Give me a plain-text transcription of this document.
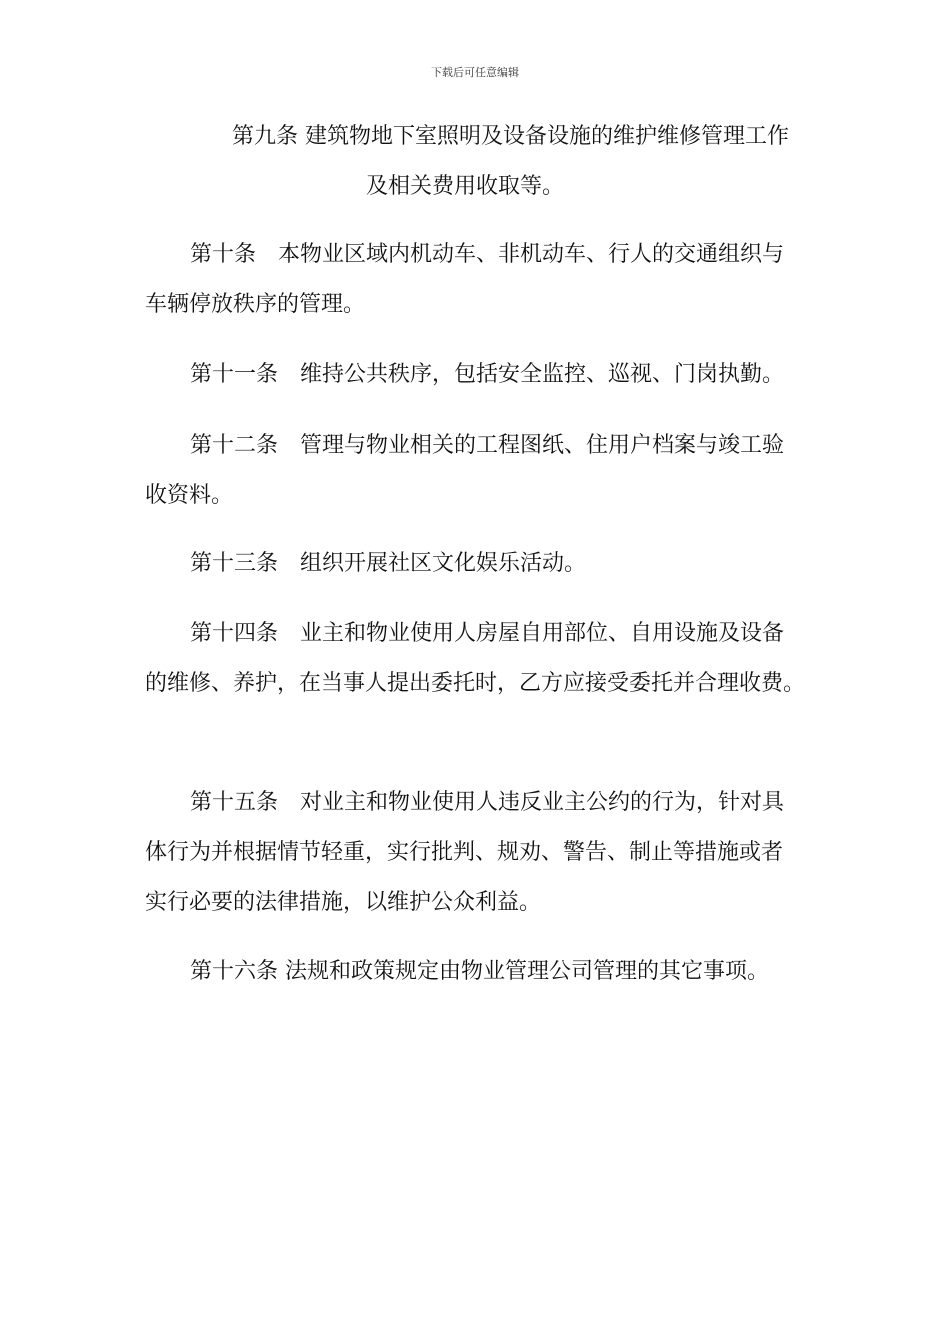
下载后可任意编辑
第九条 建筑物地下室照明及设备设施的维护维修管理工作
及相关费用收取等。
第十条　本物业区域内机动车、非机动车、行人的交通组织与
车辆停放秩序的管理。
第十一条　维持公共秩序，包括安全监控、巡视、门岗执勤。
第十二条　管理与物业相关的工程图纸、住用户档案与竣工验
收资料。
第十三条　组织开展社区文化娱乐活动。
第十四条　业主和物业使用人房屋自用部位、自用设施及设备
的维修、养护，在当事人提出委托时，乙方应接受委托并合理收费。
第十五条　对业主和物业使用人违反业主公约的行为，针对具
体行为并根据情节轻重，实行批判、规劝、警告、制止等措施或者
实行必要的法律措施，以维护公众利益。
第十六条 法规和政策规定由物业管理公司管理的其它事项。
